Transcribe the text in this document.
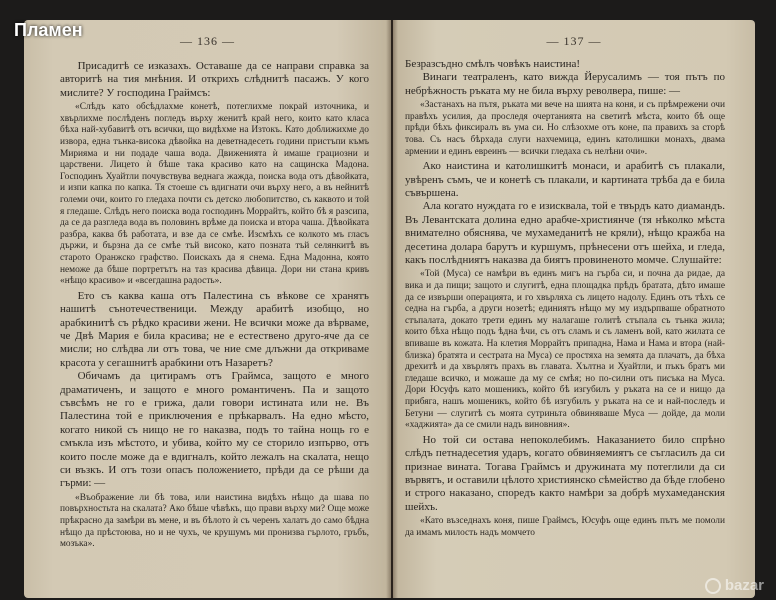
— 136 —

Присадитѣ се изказахъ. Оставаше да се направи справка за авторитѣ на тия мнѣния. И открихъ слѣднитѣ пасажъ. У кого мислите? У господина Граймсъ:

«Слѣдъ като обсѣдлахме конетѣ, потеглихме покрай източника, и хвърлихме послѣденъ погледъ върху женитѣ край него, които като класа бѣха най-хубавитѣ отъ всички, що видѣхме на Изтокъ. Като доближихме до извора, една тънка-висока дѣвойка на деветнадесеть години пристъпи къмъ Мирияма и ни подаде чаша вода. Движенията ѝ имаше грациозни и царствени. Лицето ѝ бѣше така красиво като на сащинска Мадона. Господинъ Хуайтли почувствува веднага жажда, поиска вода отъ дѣвойката, и изпи капка по капка. Тя стоеше съ вдигнати очи върху него, а въ нейнитѣ големи очи, които го гледаха почти съ детско любопитство, съ каквото и той я гледаше. Слѣдъ него поиска вода господинъ Моррайтъ, който бѣ я разсипа, да се да разгледа вода въ половинъ врѣме да поиска и втора чаша. Дѣвойката разбра, каква бѣ работата, и взе да се смѣе. Изсмѣхъ се колкото мъ гласъ държи, и бързна да се смѣе тъй високо, като позната тъй селянкитѣ въ старото Оранжско графство. Поискахъ да я снема. Една Мадонна, която неможе да бѣше портретътъ на таз красива дѣвица. Дори ни стана кривъ «нѣщо красиво» и «всегдашна радость».

Ето съ каква каша отъ Палестина съ вѣкове се хранятъ нашитѣ сънотечественици. Между арабитѣ изобщо, но арабкинитѣ съ рѣдко красиви жени. Не всички може да вѣрваме, че Двѣ Мария е била красива; не е естествено друго-яче да се мисли; но слѣдва ли отъ това, че ние сме длъжни да откриваме красота у сегашнитѣ арабкини отъ Назаретъ?

Обичамъ да цитирамъ отъ Граймса, защото е много драматиченъ, и защото е много романтиченъ. Па и защото съвсѣмъ не го е грижа, дали говори истината или не. Въ Палестина той е приключения е прѣкарвалъ. На едно мѣсто, когато никой съ нищо не го наказва, подъ то тайна нощь го е смъкла изъ мѣстото, и убива, който му се сторило изпърво, отъ които после може да е вдигналъ, който лежалъ на скалата, нещо си възкъ. И отъ този опасъ положението, прѣди да се рѣши да гърми: —

«Въображение ли бѣ това, или наистина видѣхъ нѣщо да шава по повърхностьта на скалата? Ако бѣше чѣвѣкъ, що прави върху ми? Още може прѣкрасно да замѣри въ мене, и въ бѣлото ѝ съ черенъ халатъ до само бѣдна нѣщо да прѣстоюва, но и не чухъ, че крушумъ ми пронизва гърлото, гръбъ, мозъка».

— 137 —

Безразсъдно смѣлъ човѣкъ наистина!

Винаги театраленъ, като вижда Йерусалимъ — тоя пътъ по небрѣжность ръката му не била върху револвера, пише: —

«Застанахъ на пътя, ръката ми вече на шията на коня, и съ прѣмрежени очи правѣхъ усилия, да проследя очертанията на светитѣ мѣста, които бѣ още прѣди бѣхъ фиксиралъ въ ума си. Но слѣзохме отъ коне, па правихъ за сторѣ това. Съ насъ бѣрхада слуги нахчемица, единъ католишки монахъ, двама армении и единъ евреинъ — всички гледаха съ нелѣни очи».

Ако наистина и католишкитѣ монаси, и арабитѣ съ плакали, увѣренъ съмъ, че и конетѣ съ плакали, и картината трѣба да е била съвършена.

Ала когато нуждата го е изисквала, той е твърдъ като диамандъ. Въ Левантската долина едно арабче-християнче (тя нѣколко мѣста внимателно обяснява, че мухамеданитѣ не кряли), нѣщо кражба на десетина долара барутъ и куршумъ, прѣнесени отъ шейха, и гледа, какъ послѣдниятъ наказва да биятъ провиненото момче. Слушайте:

«Той (Муса) се намѣри въ единъ мигъ на гърба си, и почна да ридае, да вика и да пищи; защото и слугитѣ, една площадка прѣдъ братата, дѣто имаше да се извърши операцията, и го хвърляха съ лицето надолу. Единъ отъ тѣхъ се седна на гърба, а други нозетѣ; единиятъ нѣщо му му издърпваше обратното стъпалата, докато трети единъ му налагаше голитѣ стъпала съ тънка жила; които бѣха нѣщо подъ ѣдна ѣчи, съ отъ сламъ и съ ламенъ вой, като жилата се впиваше въ кожата. На клетия Моррайтъ припадна, Нама и Нама и втора (най-близка) братята и сестрата на Муса) се простяха на земята да плачатъ, да бѣха дрехитѣ и да хвърлятъ прахъ въ главата. Хълтна и Хуайтли, и пъкъ братъ ми гледаше всичко, и можаше да му се смѣя; но по-силни отъ писъка на Муса. Дори Юсуфъ като мошеникъ, който бѣ изгубилъ у ръката на се и нищо да прибяга, нашъ мошеникъ, който бѣ изгубилъ у ръката на се и най-последъ и Бетуни — слугитѣ съ моята сутриньта обвиняваше Муса — дойде, да моли «хаджията» да се смили надъ виновния».

Но той си остава непоколебимъ. Наказанието било спрѣно слѣдъ петнадесетия ударъ, когато обвиняемиятъ се съгласилъ да си признае вината. Тогава Граймсъ и дружината му потеглили да си вървятъ, и оставили цѣлото християнско сѣмейство да бѣде глобено и строго наказано, споредъ както намѣри за добрѣ мухамеданския шейхъ.

«Като възседнахъ коня, пише Граймсъ, Юсуфъ още единъ пътъ ме помоли да имамъ милость надъ момчето

Пламен
bazar
